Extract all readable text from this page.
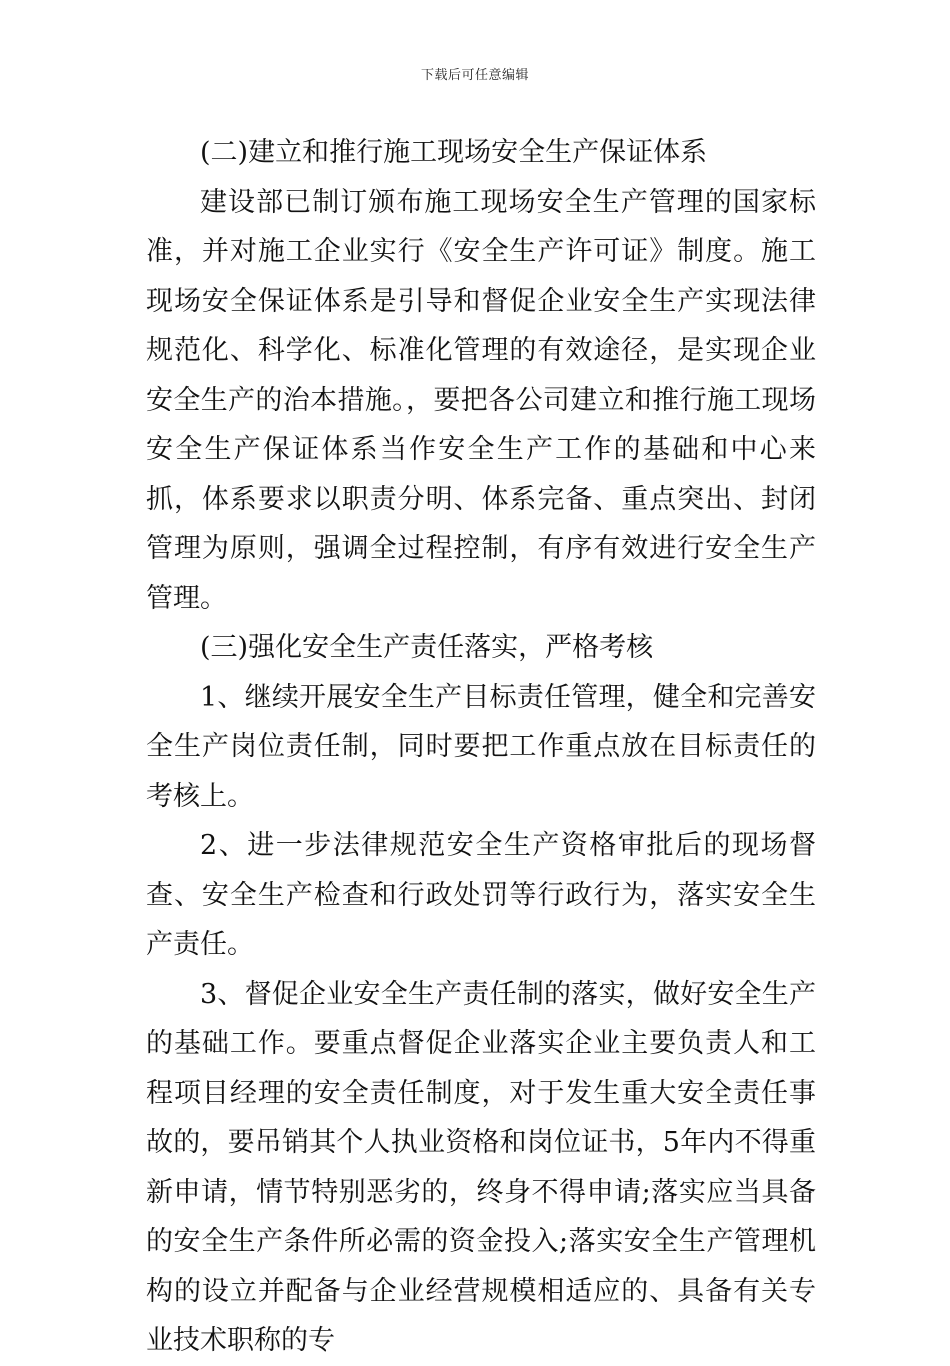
下载后可任意编辑

(二)建立和推行施工现场安全生产保证体系

建设部已制订颁布施工现场安全生产管理的国家标准，并对施工企业实行《安全生产许可证》制度。施工现场安全保证体系是引导和督促企业安全生产实现法律规范化、科学化、标准化管理的有效途径，是实现企业安全生产的治本措施。，要把各公司建立和推行施工现场安全生产保证体系当作安全生产工作的基础和中心来抓，体系要求以职责分明、体系完备、重点突出、封闭管理为原则，强调全过程控制，有序有效进行安全生产管理。

(三)强化安全生产责任落实，严格考核

1、继续开展安全生产目标责任管理，健全和完善安全生产岗位责任制，同时要把工作重点放在目标责任的考核上。

2、进一步法律规范安全生产资格审批后的现场督查、安全生产检查和行政处罚等行政行为，落实安全生产责任。

3、督促企业安全生产责任制的落实，做好安全生产的基础工作。要重点督促企业落实企业主要负责人和工程项目经理的安全责任制度，对于发生重大安全责任事故的，要吊销其个人执业资格和岗位证书，5年内不得重新申请，情节特别恶劣的，终身不得申请;落实应当具备的安全生产条件所必需的资金投入;落实安全生产管理机构的设立并配备与企业经营规模相适应的、具备有关专业技术职称的专
